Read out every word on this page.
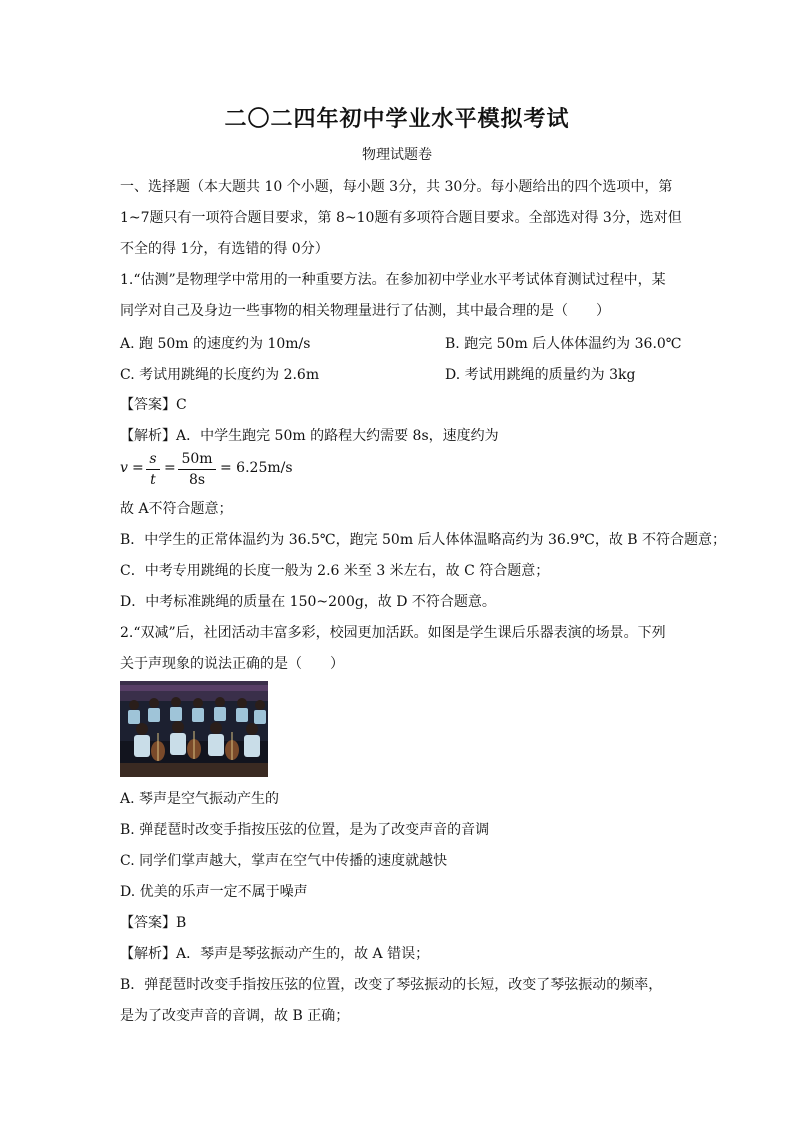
二〇二四年初中学业水平模拟考试
物理试题卷
一、选择题（本大题共 10 个小题，每小题 3分，共 30分。每小题给出的四个选项中，第
1~7题只有一项符合题目要求，第 8~10题有多项符合题目要求。全部选对得 3分，选对但
不全的得 1分，有选错的得 0分）
1.“估测”是物理学中常用的一种重要方法。在参加初中学业水平考试体育测试过程中，某
同学对自己及身边一些事物的相关物理量进行了估测，其中最合理的是（　　）
A. 跑 50m 的速度约为 10m/s	B. 跑完 50m 后人体体温约为 36.0℃
C. 考试用跳绳的长度约为 2.6m	D. 考试用跳绳的质量约为 3kg
【答案】C
【解析】A．中学生跑完 50m 的路程大约需要 8s，速度约为
v =
s
t
=
50m
8s
= 6.25m/s
故 A不符合题意；
B．中学生的正常体温约为 36.5℃，跑完 50m 后人体体温略高约为 36.9℃，故 B 不符合题意；
C．中考专用跳绳的长度一般为 2.6 米至 3 米左右，故 C 符合题意；
D．中考标准跳绳的质量在 150~200g，故 D 不符合题意。
2.“双减”后，社团活动丰富多彩，校园更加活跃。如图是学生课后乐器表演的场景。下列
关于声现象的说法正确的是（　　）
A. 琴声是空气振动产生的
B. 弹琵琶时改变手指按压弦的位置，是为了改变声音的音调
C. 同学们掌声越大，掌声在空气中传播的速度就越快
D. 优美的乐声一定不属于噪声
【答案】B
【解析】A．琴声是琴弦振动产生的，故 A 错误；
B．弹琵琶时改变手指按压弦的位置，改变了琴弦振动的长短，改变了琴弦振动的频率，
是为了改变声音的音调，故 B 正确；
